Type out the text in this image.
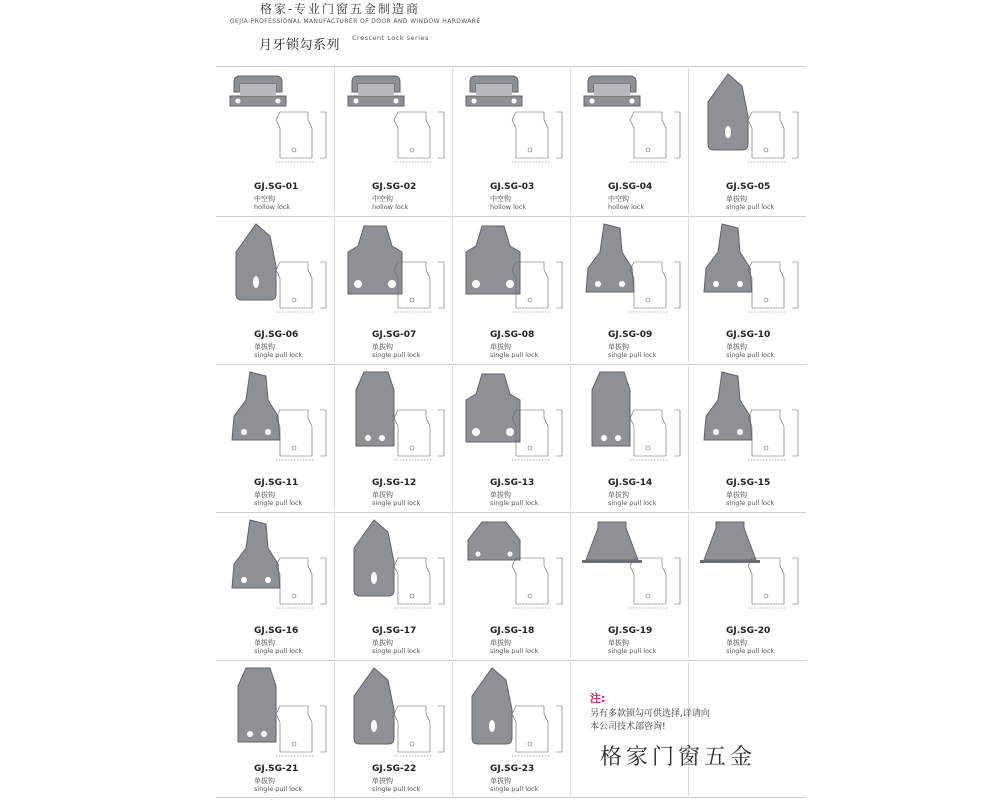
格家-专业门窗五金制造商
GEJIA-PROFESSIONAL MANUFACTURER OF DOOR AND WINDOW HARDWARE
月牙锁勾系列 Crescent Lock series
GJ.SG-01
中空钩
hollow lock
GJ.SG-02
中空钩
hollow lock
GJ.SG-03
中空钩
hollow lock
GJ.SG-04
中空钩
hollow lock
GJ.SG-05
单拔钩
single pull lock
GJ.SG-06
单拔钩
single pull lock
GJ.SG-07
单拔钩
single pull lock
GJ.SG-08
单拔钩
single pull lock
GJ.SG-09
单拔钩
single pull lock
GJ.SG-10
单拔钩
single pull lock
GJ.SG-11
单拔钩
single pull lock
GJ.SG-12
单拔钩
single pull lock
GJ.SG-13
单拔钩
single pull lock
GJ.SG-14
单拔钩
single pull lock
GJ.SG-15
单拔钩
single pull lock
GJ.SG-16
单拔钩
single pull lock
GJ.SG-17
单拔钩
single pull lock
GJ.SG-18
单拔钩
single pull lock
GJ.SG-19
单拔钩
single pull lock
GJ.SG-20
单拔钩
single pull lock
GJ.SG-21
单拔钩
single pull lock
GJ.SG-22
单拔钩
single pull lock
GJ.SG-23
单拔钩
single pull lock
注:
另有多款锁勾可供选择,详请向
本公司技术部咨询!
格家门窗五金
